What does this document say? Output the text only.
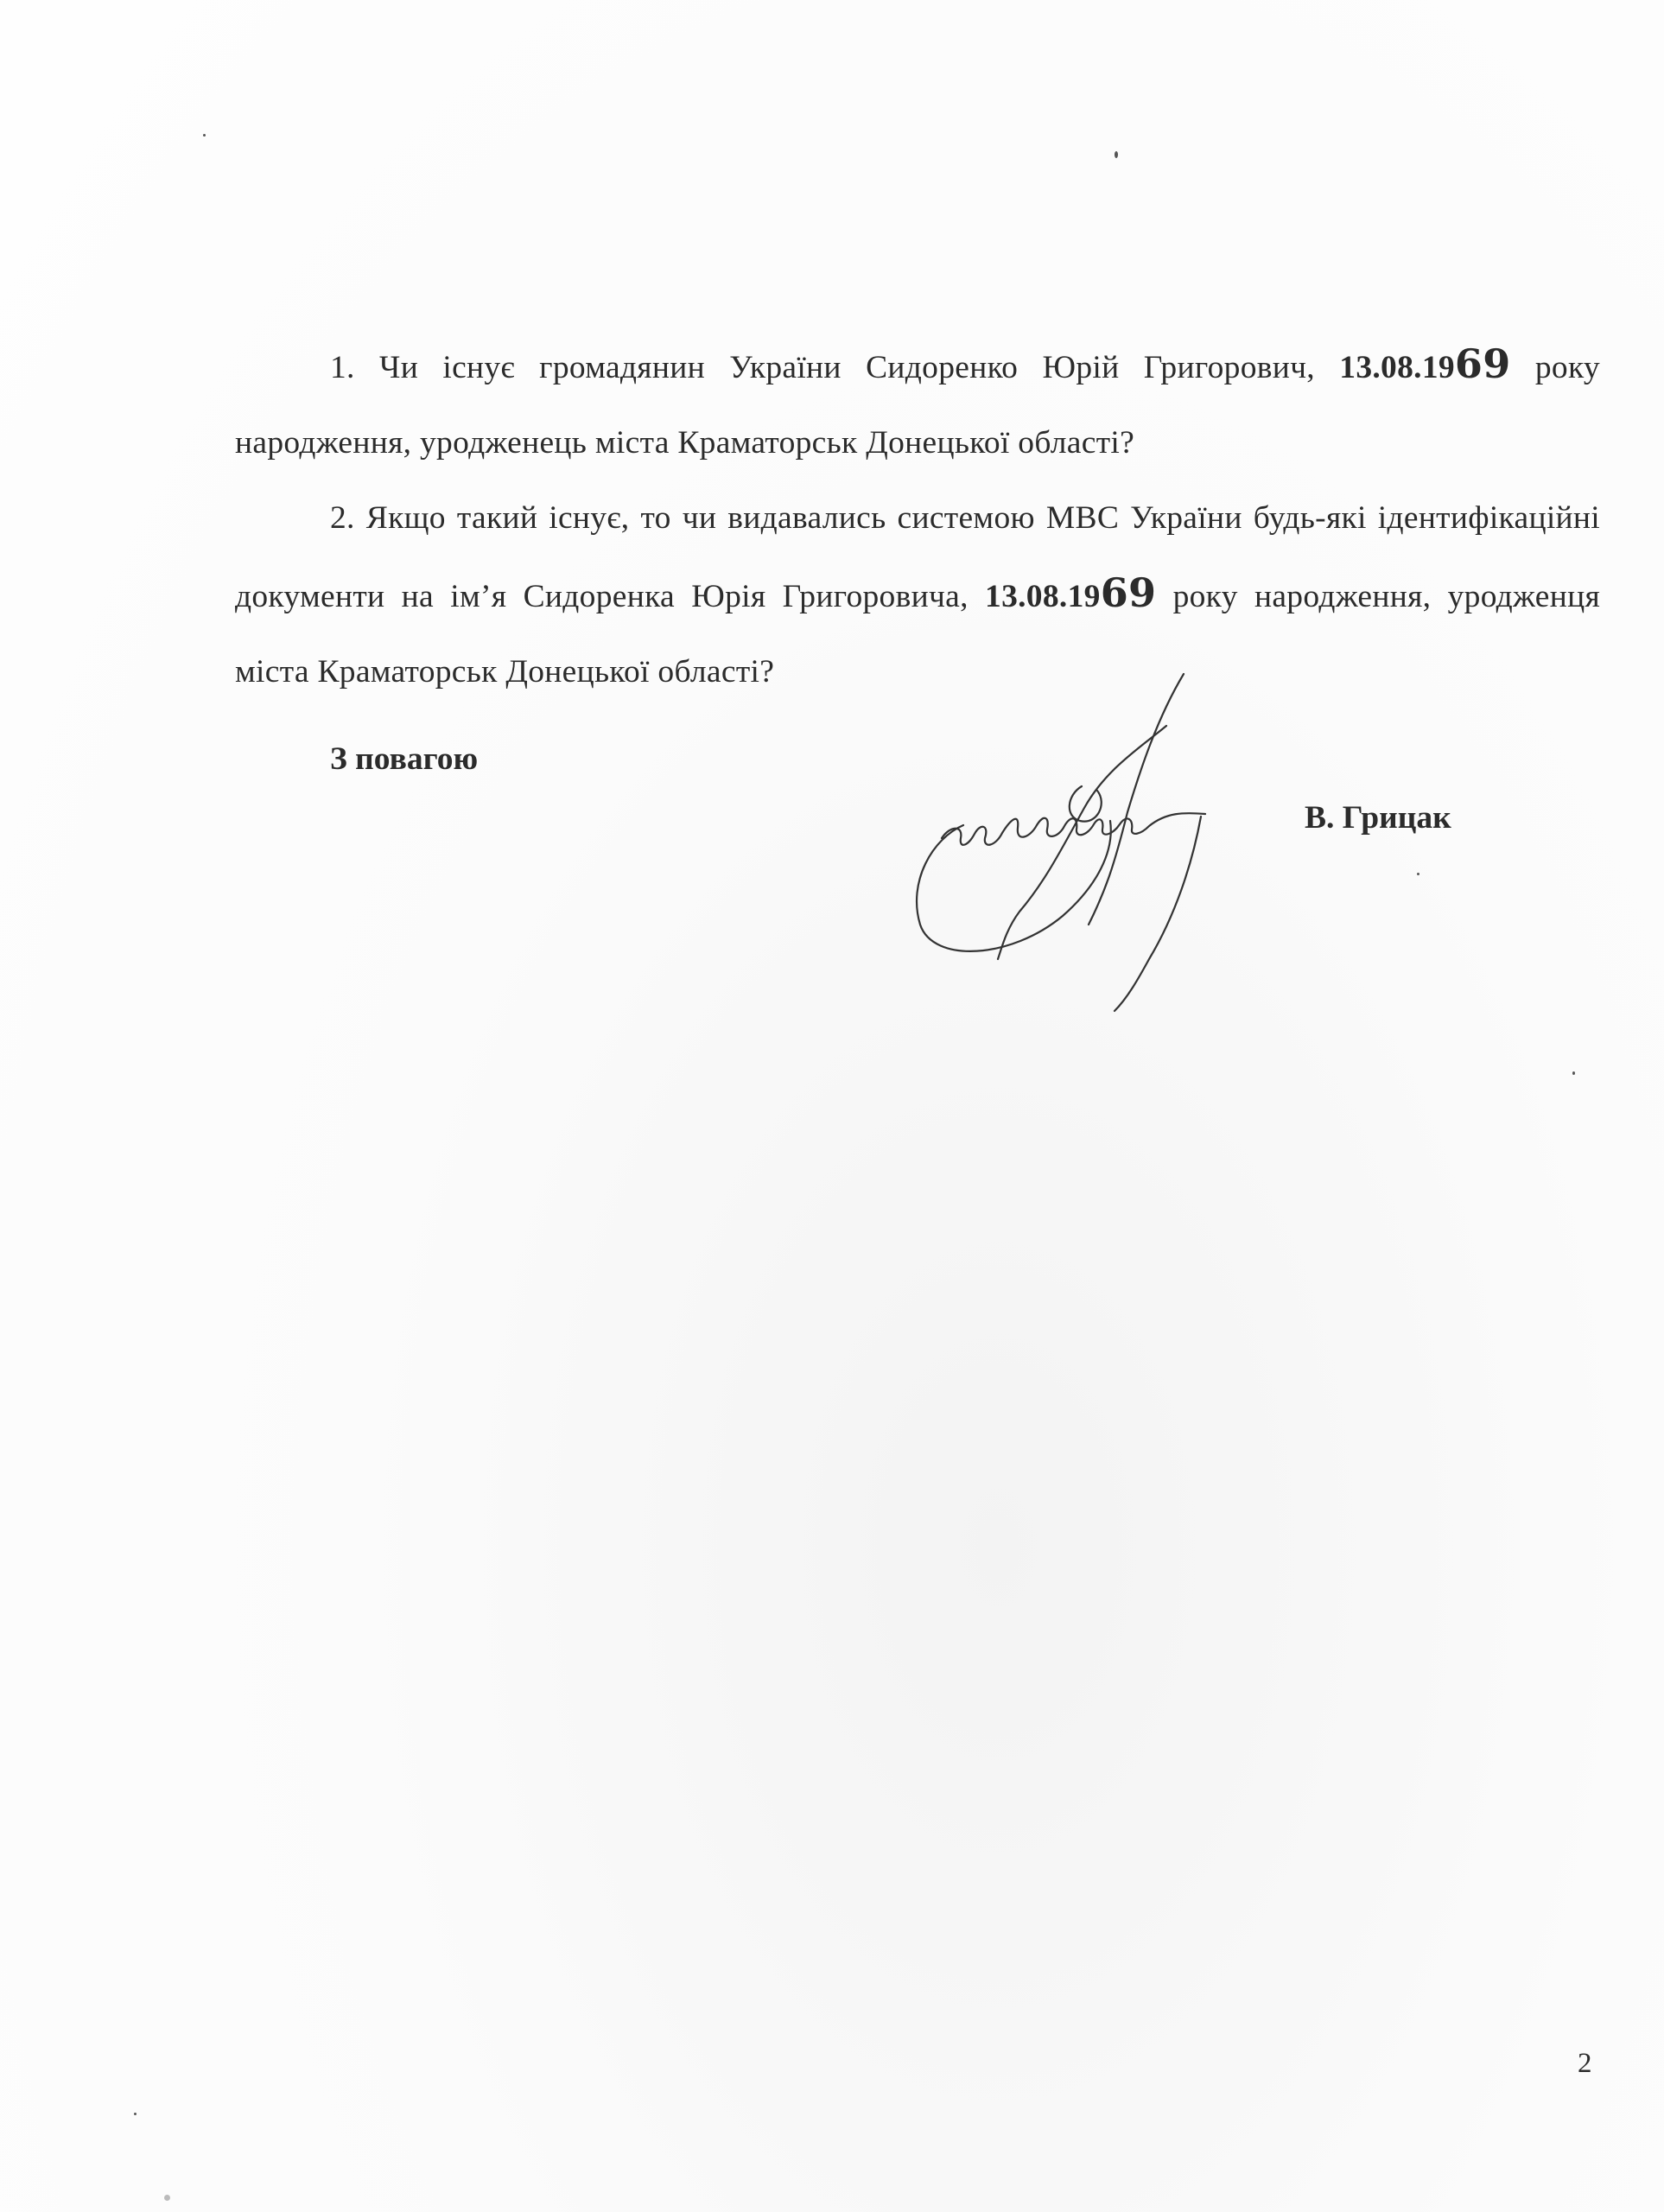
1. Чи існує громадянин України Сидоренко Юрій Григорович, 13.08.1969 року народження, уродженець міста Краматорськ Донецької області?

2. Якщо такий існує, то чи видавались системою МВС України будь-які ідентифікаційні документи на ім’я Сидоренка Юрія Григоровича, 13.08.1969 року народження, уродженця міста Краматорськ Донецької області?

З повагою

В. Грицак

2
